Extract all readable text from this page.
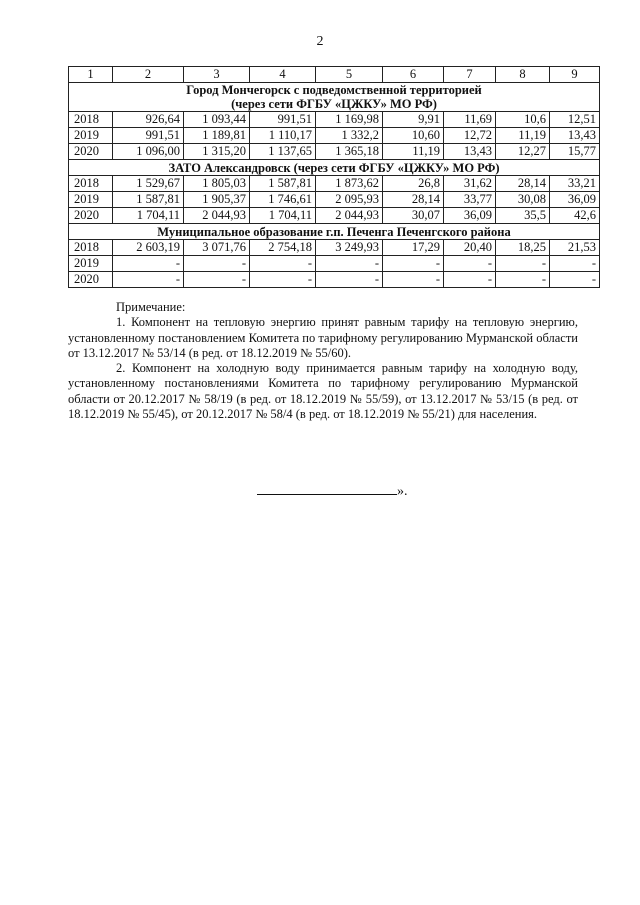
2
1	2	3	4	5	6	7	8	9

Город Мончегорск с подведомственной территорией
(через сети ФГБУ «ЦЖКУ» МО РФ)								

2018	926,64	1 093,44	991,51	1 169,98	9,91	11,69	10,6	12,51
2019	991,51	1 189,81	1 110,17	1 332,2	10,60	12,72	11,19	13,43
2020	1 096,00	1 315,20	1 137,65	1 365,18	11,19	13,43	12,27	15,77

ЗАТО Александровск (через сети ФГБУ «ЦЖКУ» МО РФ)								

2018	1 529,67	1 805,03	1 587,81	1 873,62	26,8	31,62	28,14	33,21
2019	1 587,81	1 905,37	1 746,61	2 095,93	28,14	33,77	30,08	36,09
2020	1 704,11	2 044,93	1 704,11	2 044,93	30,07	36,09	35,5	42,6

Муниципальное образование г.п. Печенга Печенгского района								

2018	2 603,19	3 071,76	2 754,18	3 249,93	17,29	20,40	18,25	21,53
2019	-	-	-	-	-	-	-	-
2020	-	-	-	-	-	-	-	-
Примечание:

1. Компонент на тепловую энергию принят равным тарифу на тепловую энергию, установленному постановлением Комитета по тарифному регулированию Мурманской области от 13.12.2017 № 53/14 (в ред. от 18.12.2019 № 55/60).

2. Компонент на холодную воду принимается равным тарифу на холодную воду, установленному постановлениями Комитета по тарифному регулированию Мурманской области от 20.12.2017 № 58/19 (в ред. от 18.12.2019 № 55/59), от 13.12.2017 № 53/15 (в ред. от 18.12.2019 № 55/45), от 20.12.2017 № 58/4 (в ред. от 18.12.2019 № 55/21) для населения.

».
